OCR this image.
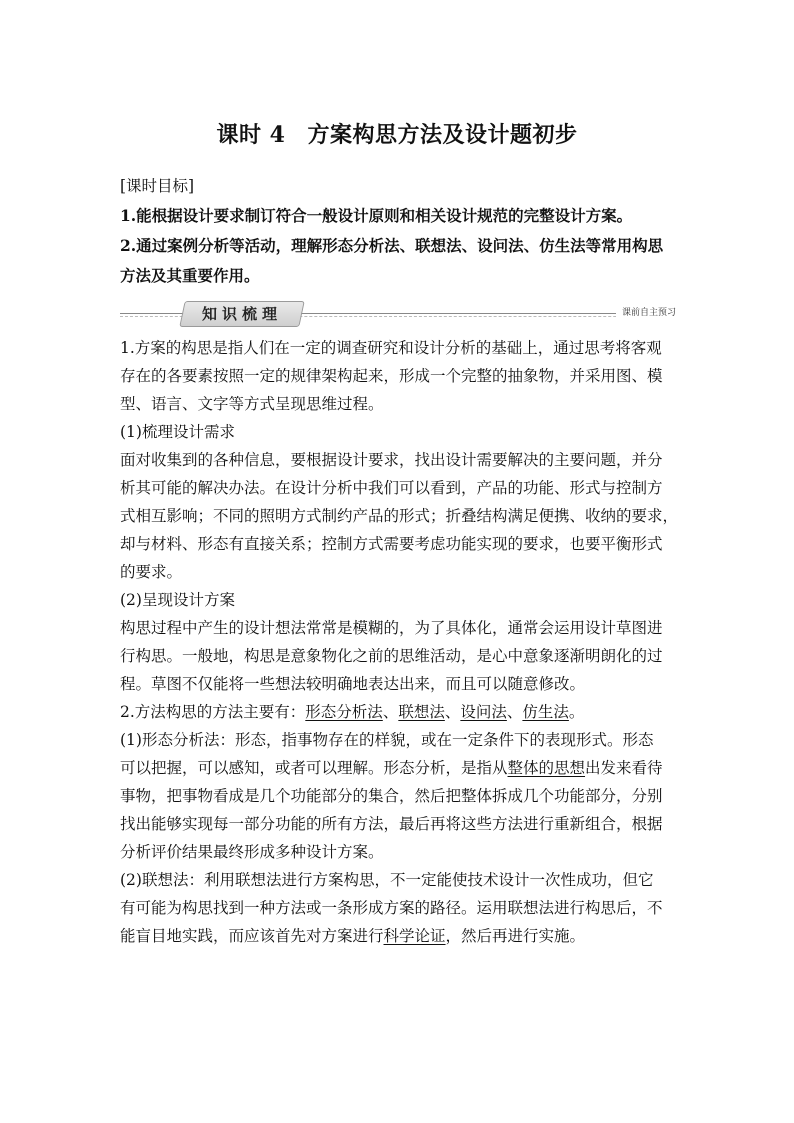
课时 4 方案构思方法及设计题初步
[课时目标]
1.能根据设计要求制订符合一般设计原则和相关设计规范的完整设计方案。
2.通过案例分析等活动，理解形态分析法、联想法、设问法、仿生法等常用构思
方法及其重要作用。
知识梳理	课前自主预习
1.方案的构思是指人们在一定的调查研究和设计分析的基础上，通过思考将客观
存在的各要素按照一定的规律架构起来，形成一个完整的抽象物，并采用图、模
型、语言、文字等方式呈现思维过程。
(1)梳理设计需求
面对收集到的各种信息，要根据设计要求，找出设计需要解决的主要问题，并分
析其可能的解决办法。在设计分析中我们可以看到，产品的功能、形式与控制方
式相互影响；不同的照明方式制约产品的形式；折叠结构满足便携、收纳的要求，
却与材料、形态有直接关系；控制方式需要考虑功能实现的要求，也要平衡形式
的要求。
(2)呈现设计方案
构思过程中产生的设计想法常常是模糊的，为了具体化，通常会运用设计草图进
行构思。一般地，构思是意象物化之前的思维活动，是心中意象逐渐明朗化的过
程。草图不仅能将一些想法较明确地表达出来，而且可以随意修改。
2.方法构思的方法主要有：形态分析法、联想法、设问法、仿生法。
(1)形态分析法：形态，指事物存在的样貌，或在一定条件下的表现形式。形态
可以把握，可以感知，或者可以理解。形态分析，是指从整体的思想出发来看待
事物，把事物看成是几个功能部分的集合，然后把整体拆成几个功能部分，分别
找出能够实现每一部分功能的所有方法，最后再将这些方法进行重新组合，根据
分析评价结果最终形成多种设计方案。
(2)联想法：利用联想法进行方案构思，不一定能使技术设计一次性成功，但它
有可能为构思找到一种方法或一条形成方案的路径。运用联想法进行构思后，不
能盲目地实践，而应该首先对方案进行科学论证，然后再进行实施。
